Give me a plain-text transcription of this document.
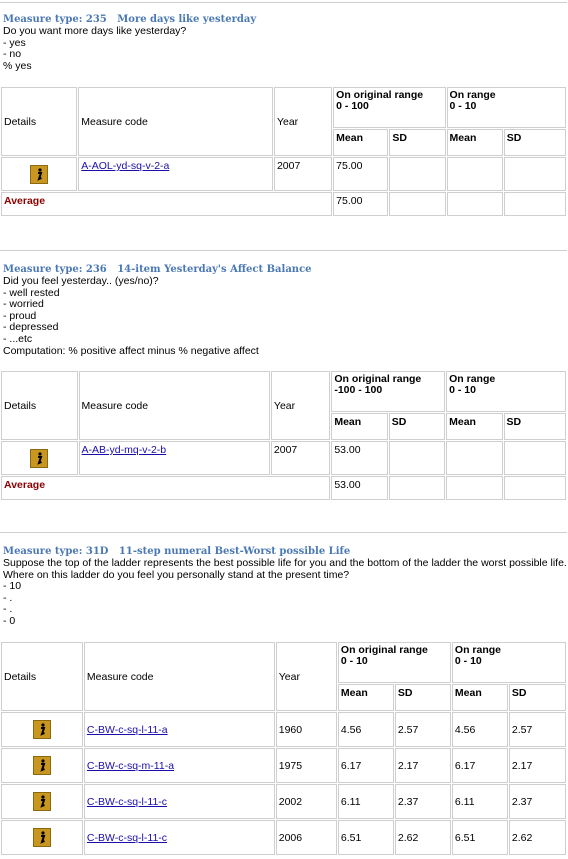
Measure type: 235   More days like yesterday
Do you want more days like yesterday?
- yes
- no
% yes
Details	Measure code	Year	On original range
0 - 100		On range
0 - 10	

			Mean	SD	Mean	SD

	A-AOL-yd-sq-v-2-a	2007	75.00			
Average			75.00			
Measure type: 236   14-item Yesterday's Affect Balance
Did you feel yesterday.. (yes/no)?
- well rested
- worried
- proud
- depressed
- ...etc
Computation: % positive affect minus % negative affect
Details	Measure code	Year	On original range
-100 - 100		On range
0 - 10	

			Mean	SD	Mean	SD

	A-AB-yd-mq-v-2-b	2007	53.00			
Average			53.00			
Measure type: 31D   11-step numeral Best-Worst possible Life
Suppose the top of the ladder represents the best possible life for you and the bottom of the ladder the worst possible life.
Where on this ladder do you feel you personally stand at the present time?
- 10
- .
- .
- 0
Details	Measure code	Year	On original range
0 - 10		On range
0 - 10	

			Mean	SD	Mean	SD

	C-BW-c-sq-l-11-a	1960	4.56	2.57	4.56	2.57

	C-BW-c-sq-m-11-a	1975	6.17	2.17	6.17	2.17

	C-BW-c-sq-l-11-c	2002	6.11	2.37	6.11	2.37

	C-BW-c-sq-l-11-c	2006	6.51	2.62	6.51	2.62
